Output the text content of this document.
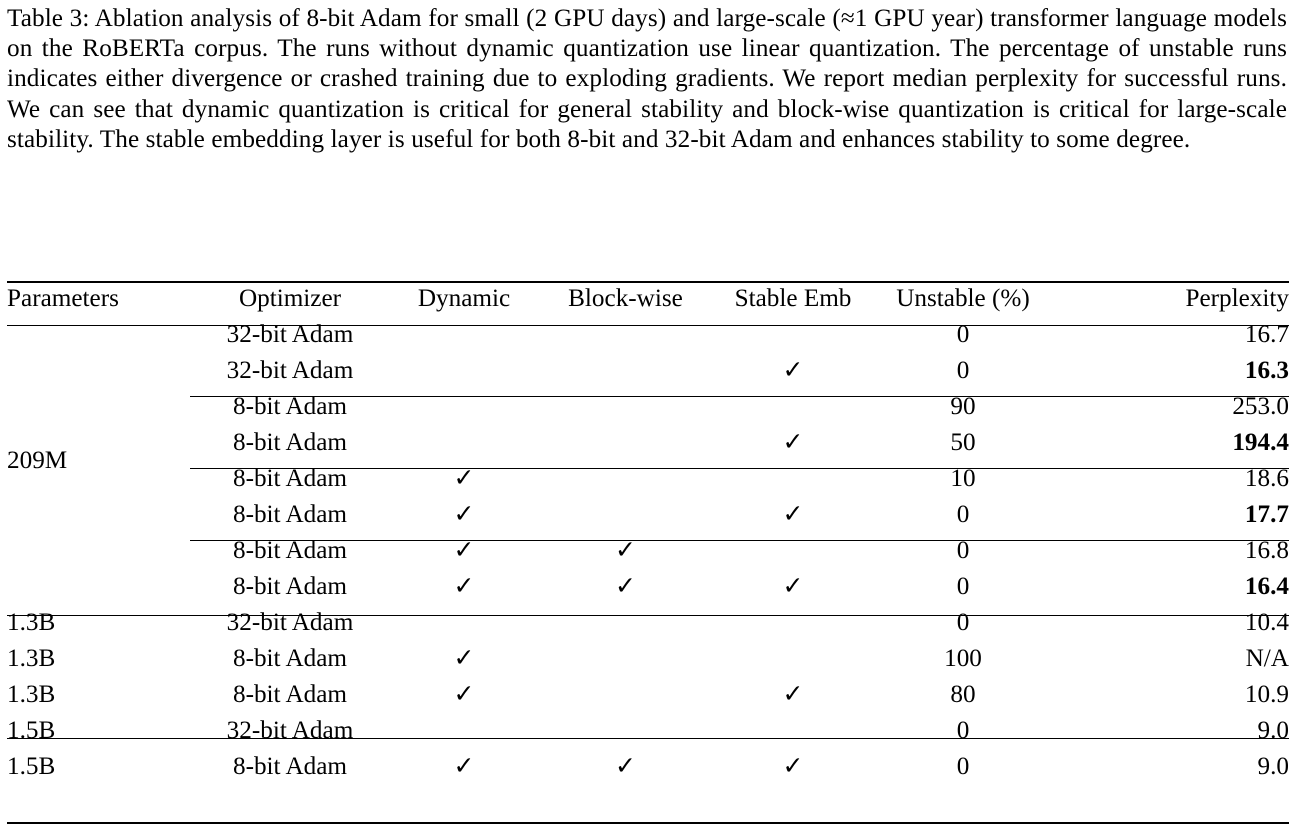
Table 3: Ablation analysis of 8-bit Adam for small (2 GPU days) and large-scale (≈1 GPU year) transformer language models on the RoBERTa corpus. The runs without dynamic quantization use linear quantization. The percentage of unstable runs indicates either divergence or crashed training due to exploding gradients. We report median perplexity for successful runs. We can see that dynamic quantization is critical for general stability and block-wise quantization is critical for large-scale stability. The stable embedding layer is useful for both 8-bit and 32-bit Adam and enhances stability to some degree.
Parameters	Optimizer	Dynamic	Block-wise	Stable Emb	Unstable (%)	Perplexity
209M	32-bit Adam				0	16.7
	32-bit Adam			✓	0	16.3
	8-bit Adam				90	253.0
	8-bit Adam			✓	50	194.4
	8-bit Adam	✓			10	18.6
	8-bit Adam	✓		✓	0	17.7
	8-bit Adam	✓	✓		0	16.8
	8-bit Adam	✓	✓	✓	0	16.4
1.3B	32-bit Adam				0	10.4
1.3B	8-bit Adam	✓			100	N/A
1.3B	8-bit Adam	✓		✓	80	10.9
1.5B	32-bit Adam				0	9.0
1.5B	8-bit Adam	✓	✓	✓	0	9.0
